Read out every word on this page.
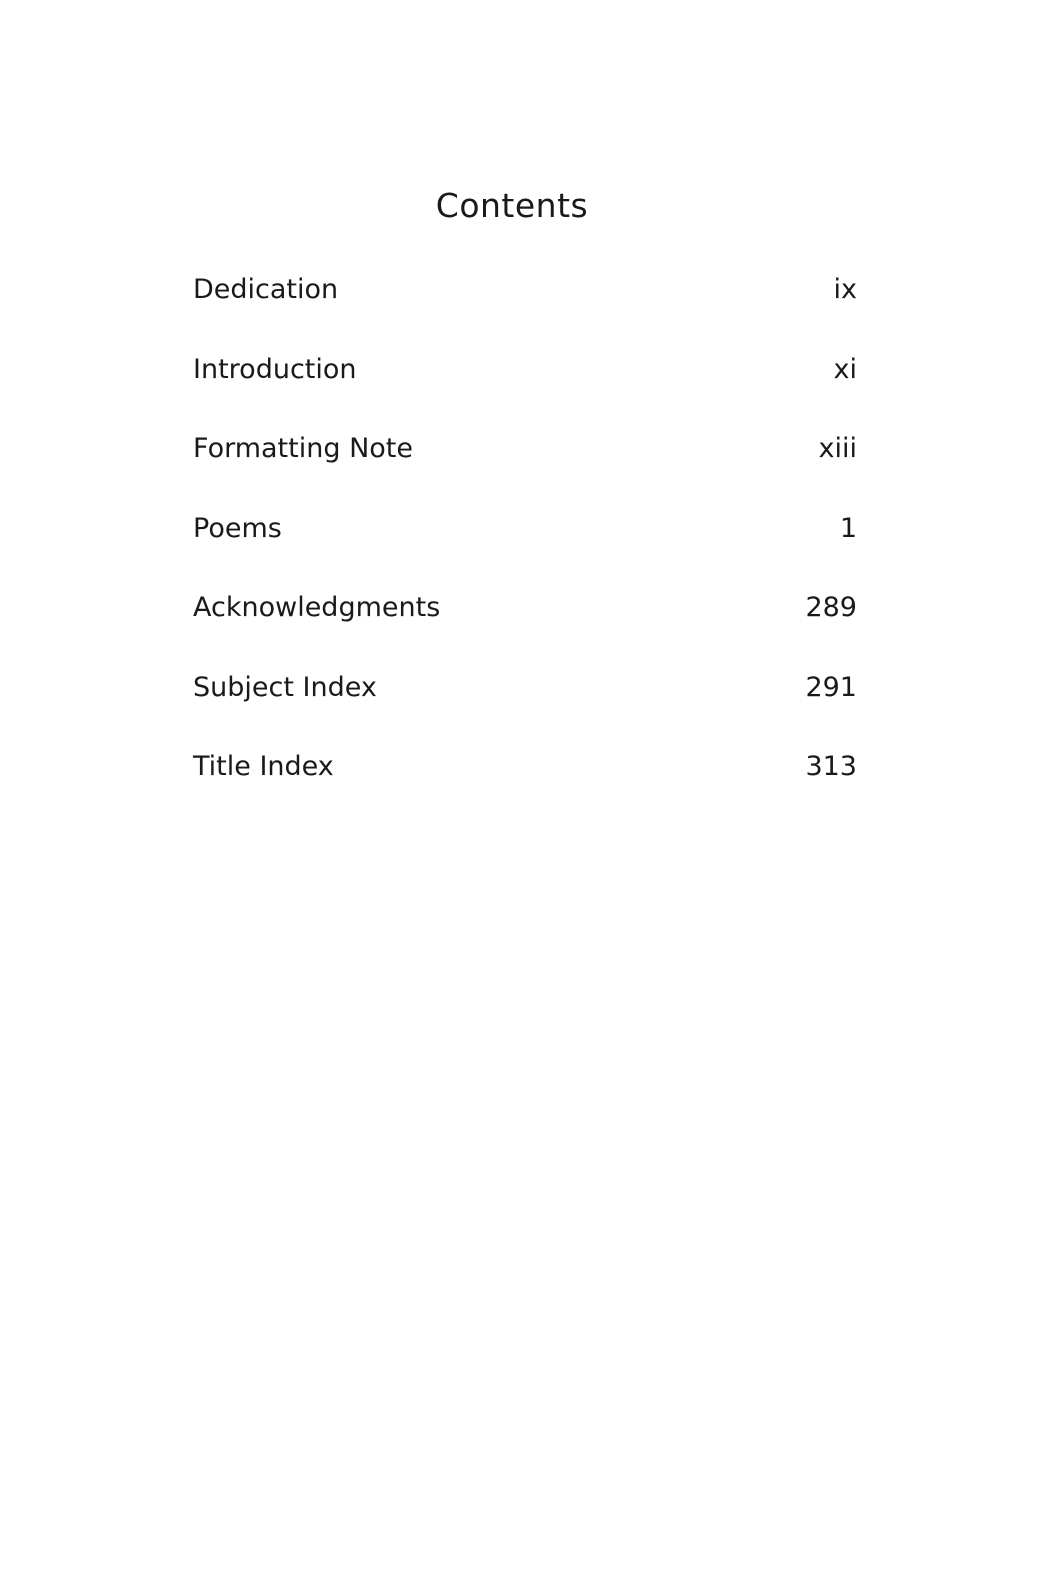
Contents
Dedication	ix
Introduction	xi
Formatting Note	xiii
Poems	1
Acknowledgments	289
Subject Index	291
Title Index	313
